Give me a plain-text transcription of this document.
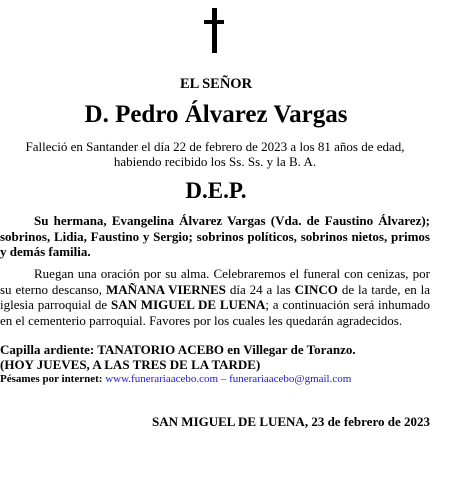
EL SEÑOR
D. Pedro Álvarez Vargas
Falleció en Santander el día 22 de febrero de 2023 a los 81 años de edad,
habiendo recibido los Ss. Ss. y la B. A.
D.E.P.
Su hermana, Evangelina Álvarez Vargas (Vda. de Faustino Álvarez); sobrinos, Lidia, Faustino y Sergio; sobrinos políticos, sobrinos nietos, primos y demás familia.
Ruegan una oración por su alma. Celebraremos el funeral con cenizas, por su eterno descanso, MAÑANA VIERNES día 24 a las CINCO de la tarde, en la iglesia parroquial de SAN MIGUEL DE LUENA; a continuación será inhumado en el cementerio parroquial. Favores por los cuales les quedarán agradecidos.
Capilla ardiente: TANATORIO ACEBO en Villegar de Toranzo.
(HOY JUEVES, A LAS TRES DE LA TARDE)
Pésames por internet: www.funerariaacebo.com – funerariaacebo@gmail.com
SAN MIGUEL DE LUENA, 23 de febrero de 2023
